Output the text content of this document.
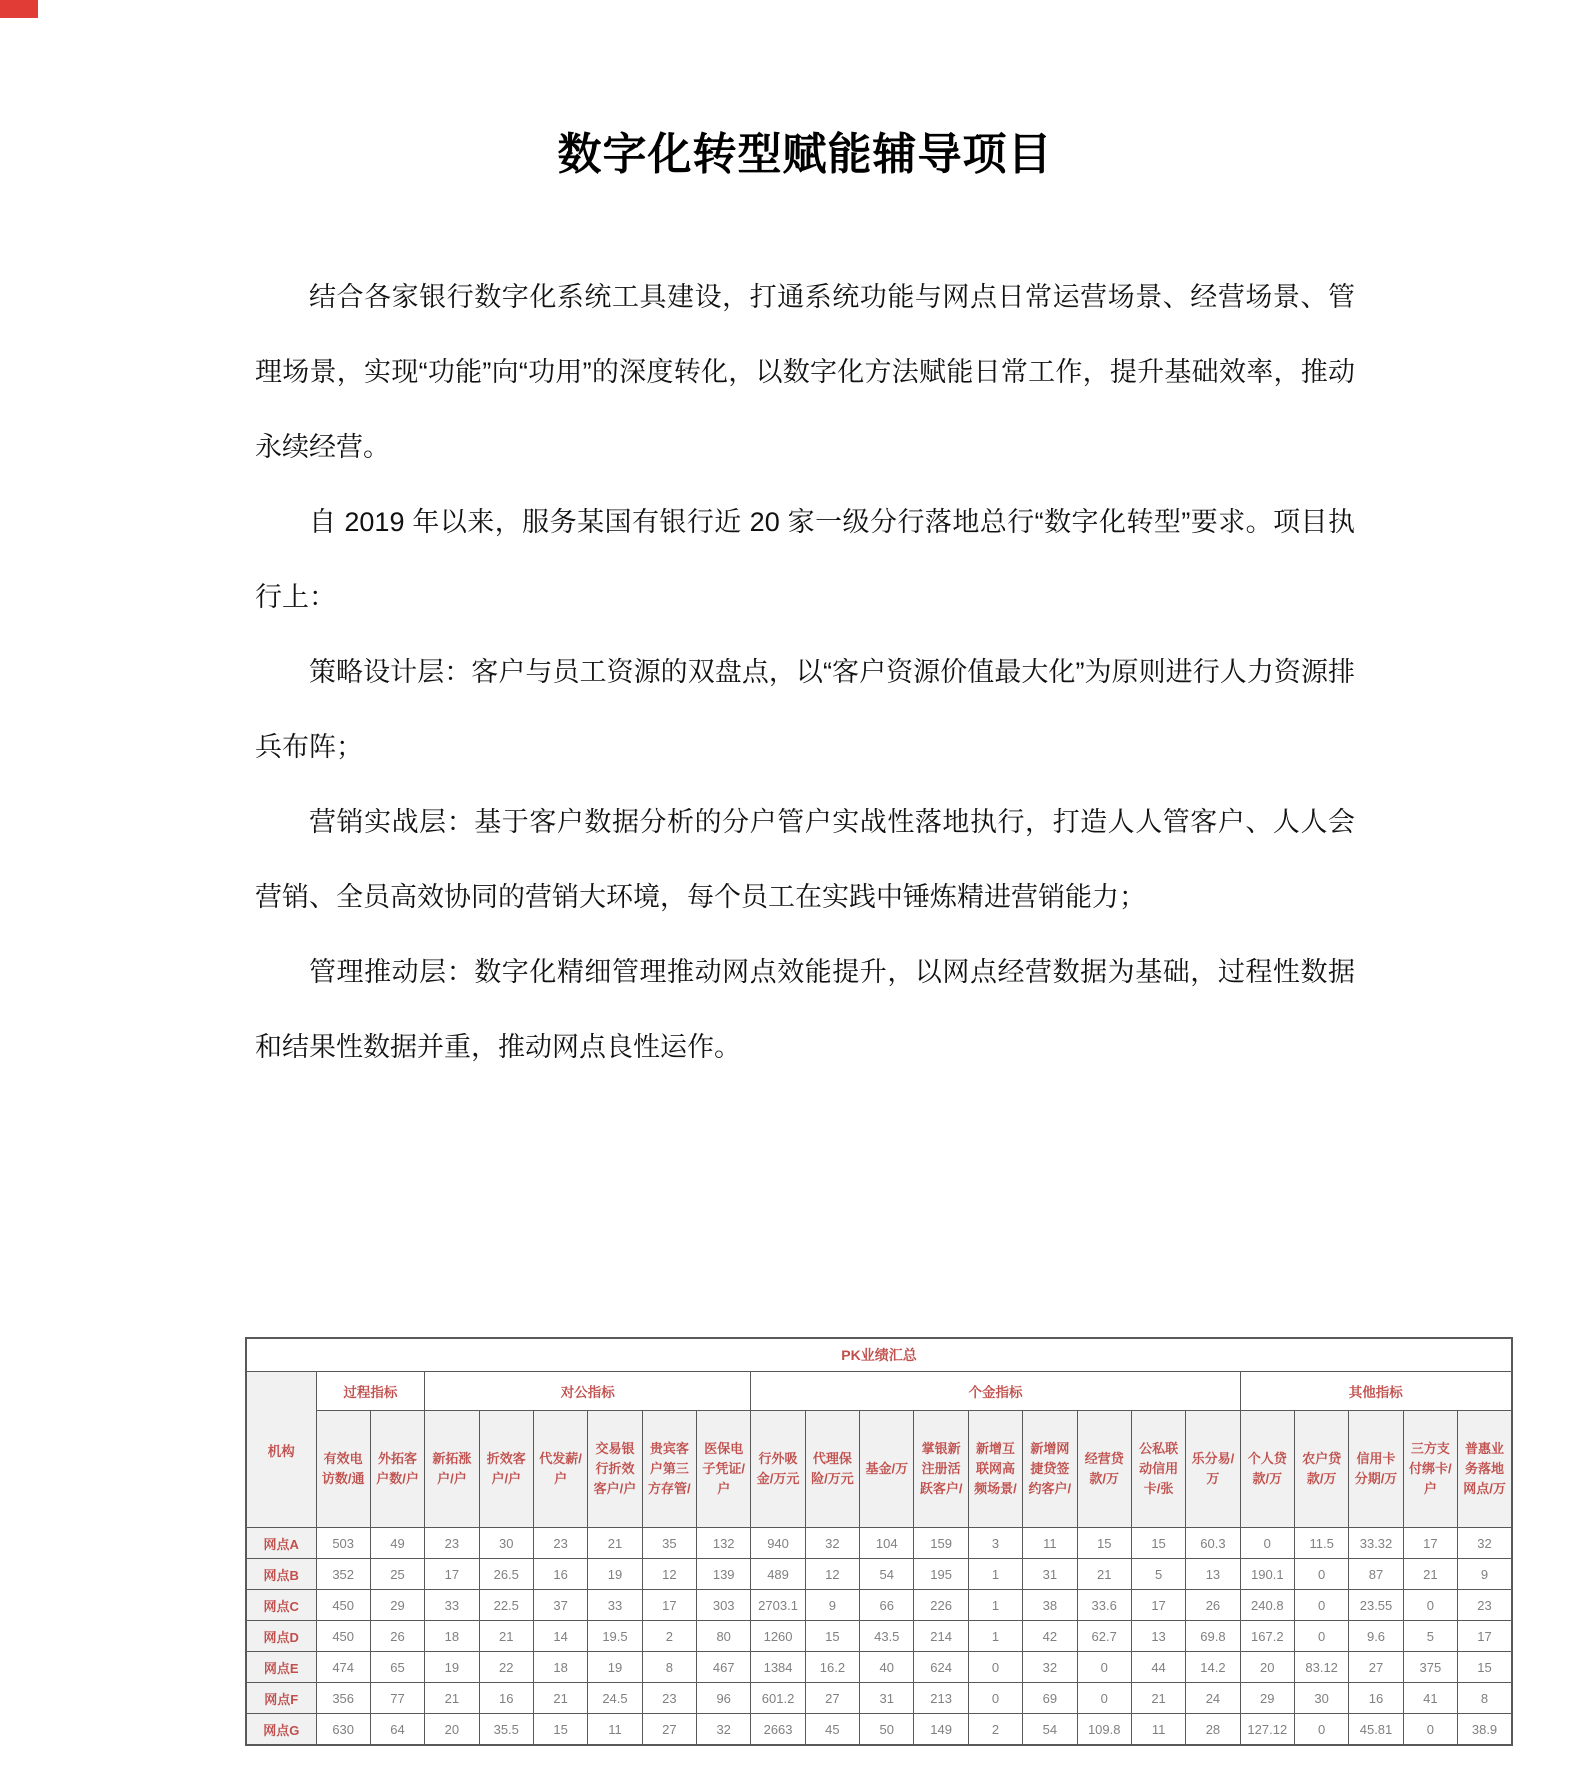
数字化转型赋能辅导项目

结合各家银行数字化系统工具建设，打通系统功能与网点日常运营场景、经营场景、管理场景，实现“功能”向“功用”的深度转化，以数字化方法赋能日常工作，提升基础效率，推动永续经营。

自 2019 年以来，服务某国有银行近 20 家一级分行落地总行“数字化转型”要求。项目执行上：

策略设计层：客户与员工资源的双盘点，以“客户资源价值最大化”为原则进行人力资源排兵布阵；

营销实战层：基于客户数据分析的分户管户实战性落地执行，打造人人管客户、人人会营销、全员高效协同的营销大环境，每个员工在实践中锤炼精进营销能力；

管理推动层：数字化精细管理推动网点效能提升，以网点经营数据为基础，过程性数据和结果性数据并重，推动网点良性运作。

PK业绩汇总																						
机构	过程指标		对公指标						个金指标									其他指标				
	有效电访数/通	外拓客户数/户	新拓涨户/户	折效客户/户	代发薪/户	交易银行折效客户/户	贵宾客户第三方存管/	医保电子凭证/户	行外吸金/万元	代理保险/万元	基金/万	掌银新注册活跃客户/	新增互联网高频场景/	新增网捷贷签约客户/	经营贷款/万	公私联动信用卡/张	乐分易/万	个人贷款/万	农户贷款/万	信用卡分期/万	三方支付绑卡/户	普惠业务落地网点/万
网点A	503	49	23	30	23	21	35	132	940	32	104	159	3	11	15	15	60.3	0	11.5	33.32	17	32
网点B	352	25	17	26.5	16	19	12	139	489	12	54	195	1	31	21	5	13	190.1	0	87	21	9
网点C	450	29	33	22.5	37	33	17	303	2703.1	9	66	226	1	38	33.6	17	26	240.8	0	23.55	0	23
网点D	450	26	18	21	14	19.5	2	80	1260	15	43.5	214	1	42	62.7	13	69.8	167.2	0	9.6	5	17
网点E	474	65	19	22	18	19	8	467	1384	16.2	40	624	0	32	0	44	14.2	20	83.12	27	375	15
网点F	356	77	21	16	21	24.5	23	96	601.2	27	31	213	0	69	0	21	24	29	30	16	41	8
网点G	630	64	20	35.5	15	11	27	32	2663	45	50	149	2	54	109.8	11	28	127.12	0	45.81	0	38.9
